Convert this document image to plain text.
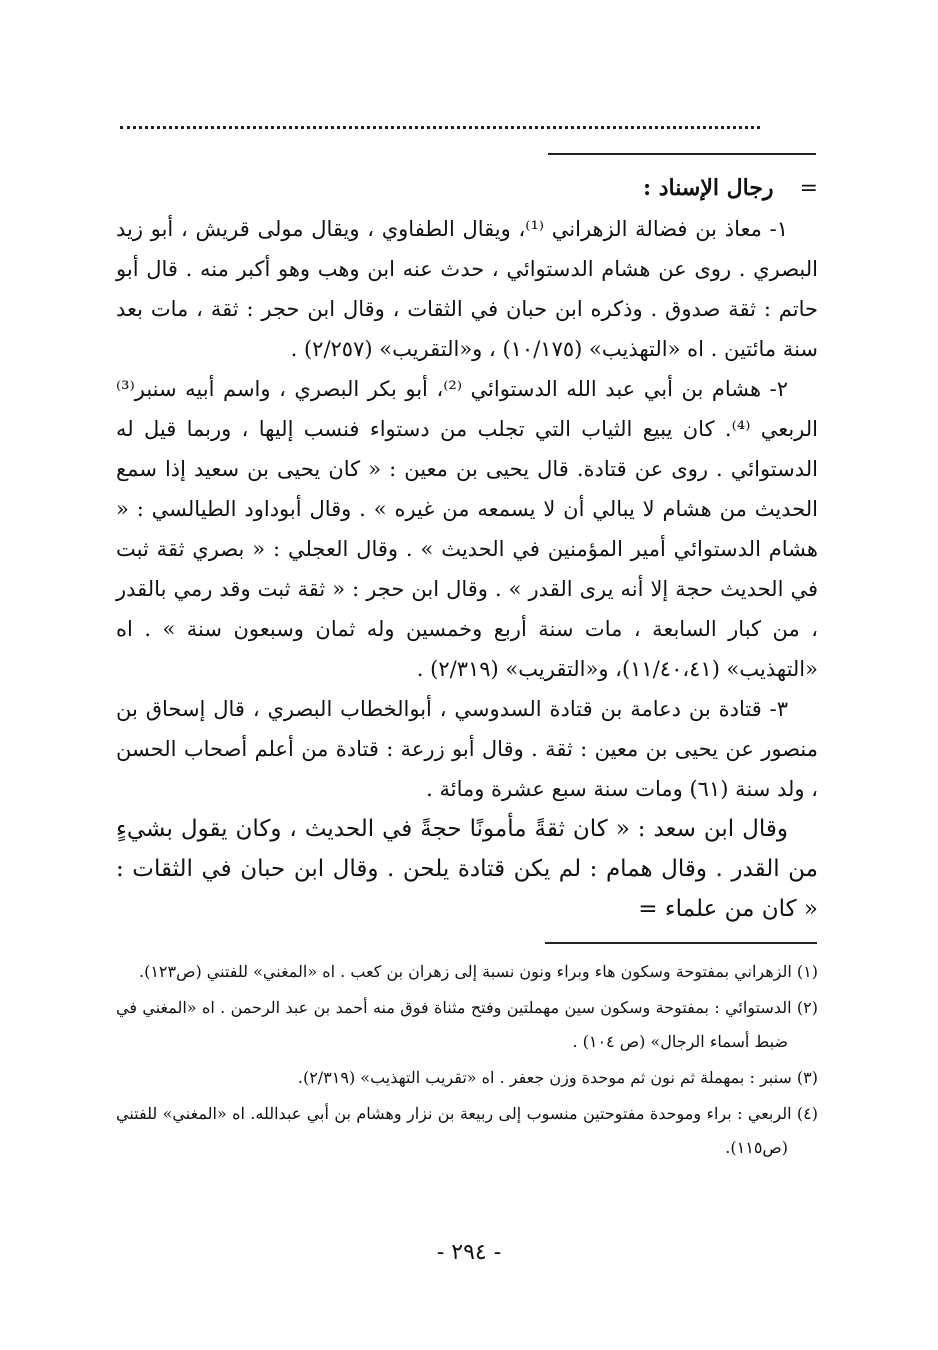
=رجال الإسناد :

١- معاذ بن فضالة الزهراني ⁽¹⁾، ويقال الطفاوي ، ويقال مولى قريش ، أبو زيد البصري . روى عن هشام الدستوائي ، حدث عنه ابن وهب وهو أكبر منه . قال أبو حاتم : ثقة صدوق . وذكره ابن حبان في الثقات ، وقال ابن حجر : ثقة ، مات بعد سنة مائتين . اه «التهذيب» (١٠/١٧٥) ، و«التقريب» (٢/٢٥٧) .

٢- هشام بن أبي عبد الله الدستوائي ⁽²⁾، أبو بكر البصري ، واسم أبيه سنبر⁽³⁾ الربعي ⁽⁴⁾. كان يبيع الثياب التي تجلب من دستواء فنسب إليها ، وربما قيل له الدستوائي . روى عن قتادة. قال يحيى بن معين : « كان يحيى بن سعيد إذا سمع الحديث من هشام لا يبالي أن لا يسمعه من غيره » . وقال أبوداود الطيالسي : « هشام الدستوائي أمير المؤمنين في الحديث » . وقال العجلي : « بصري ثقة ثبت في الحديث حجة إلا أنه يرى القدر » . وقال ابن حجر : « ثقة ثبت وقد رمي بالقدر ، من كبار السابعة ، مات سنة أربع وخمسين وله ثمان وسبعون سنة » . اه «التهذيب» (١١/٤٠،٤١)، و«التقريب» (٢/٣١٩) .

٣- قتادة بن دعامة بن قتادة السدوسي ، أبوالخطاب البصري ، قال إسحاق بن منصور عن يحيى بن معين : ثقة . وقال أبو زرعة : قتادة من أعلم أصحاب الحسن ، ولد سنة (٦١) ومات سنة سبع عشرة ومائة .

وقال ابن سعد : « كان ثقةً مأمونًا حجةً في الحديث ، وكان يقول بشيءٍ من القدر . وقال همام : لم يكن قتادة يلحن . وقال ابن حبان في الثقات : « كان من علماء =

(١) الزهراني بمفتوحة وسكون هاء وبراء ونون نسبة إلى زهران بن كعب . اه «المغني» للفتني (ص١٢٣).

(٢) الدستوائي : بمفتوحة وسكون سين مهملتين وفتح مثناة فوق منه أحمد بن عبد الرحمن . اه «المغني في ضبط أسماء الرجال» (ص ١٠٤) .

(٣) سنبر : بمهملة ثم نون ثم موحدة وزن جعفر . اه «تقريب التهذيب» (٢/٣١٩).

(٤) الربعي : براء وموحدة مفتوحتين منسوب إلى ربيعة بن نزار وهشام بن أبي عبدالله. اه «المغني» للفتني (ص١١٥).

- ٢٩٤ -
